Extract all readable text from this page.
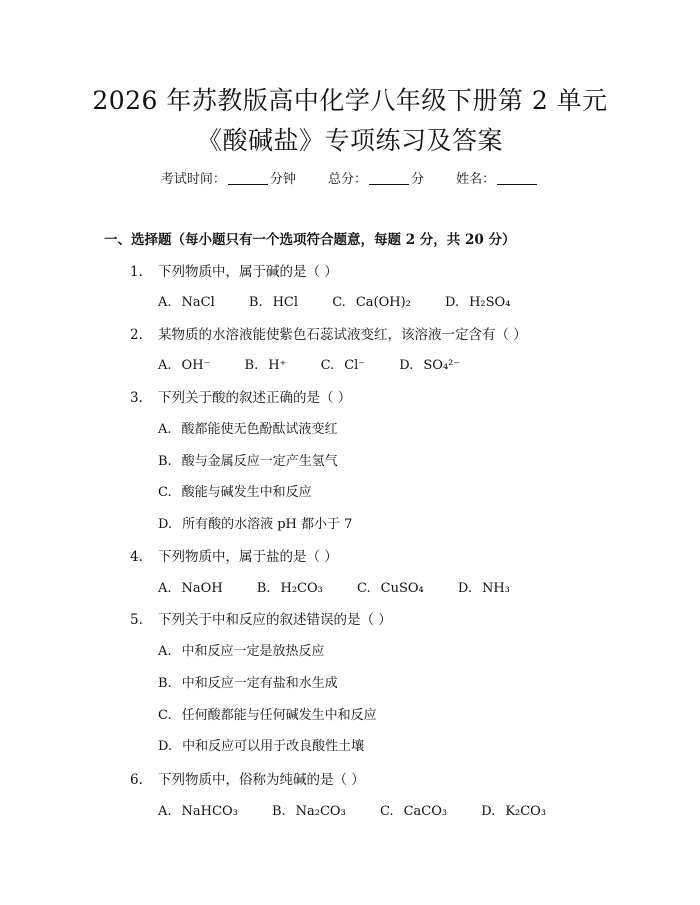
2026 年苏教版高中化学八年级下册第 2 单元
《酸碱盐》专项练习及答案
考试时间：	分钟 总分：	分 姓名：
一、选择题（每小题只有一个选项符合题意，每题 2 分，共 20 分）
1. 下列物质中，属于碱的是（ ）
A. NaCl	B. HCl	C. Ca(OH)₂	D. H₂SO₄
2. 某物质的水溶液能使紫色石蕊试液变红，该溶液一定含有（ ）
A. OH⁻	B. H⁺	C. Cl⁻	D. SO₄²⁻
3. 下列关于酸的叙述正确的是（ ）
A. 酸都能使无色酚酞试液变红
B. 酸与金属反应一定产生氢气
C. 酸能与碱发生中和反应
D. 所有酸的水溶液 pH 都小于 7
4. 下列物质中，属于盐的是（ ）
A. NaOH	B. H₂CO₃	C. CuSO₄	D. NH₃
5. 下列关于中和反应的叙述错误的是（ ）
A. 中和反应一定是放热反应
B. 中和反应一定有盐和水生成
C. 任何酸都能与任何碱发生中和反应
D. 中和反应可以用于改良酸性土壤
6. 下列物质中，俗称为纯碱的是（ ）
A. NaHCO₃	B. Na₂CO₃	C. CaCO₃	D. K₂CO₃
